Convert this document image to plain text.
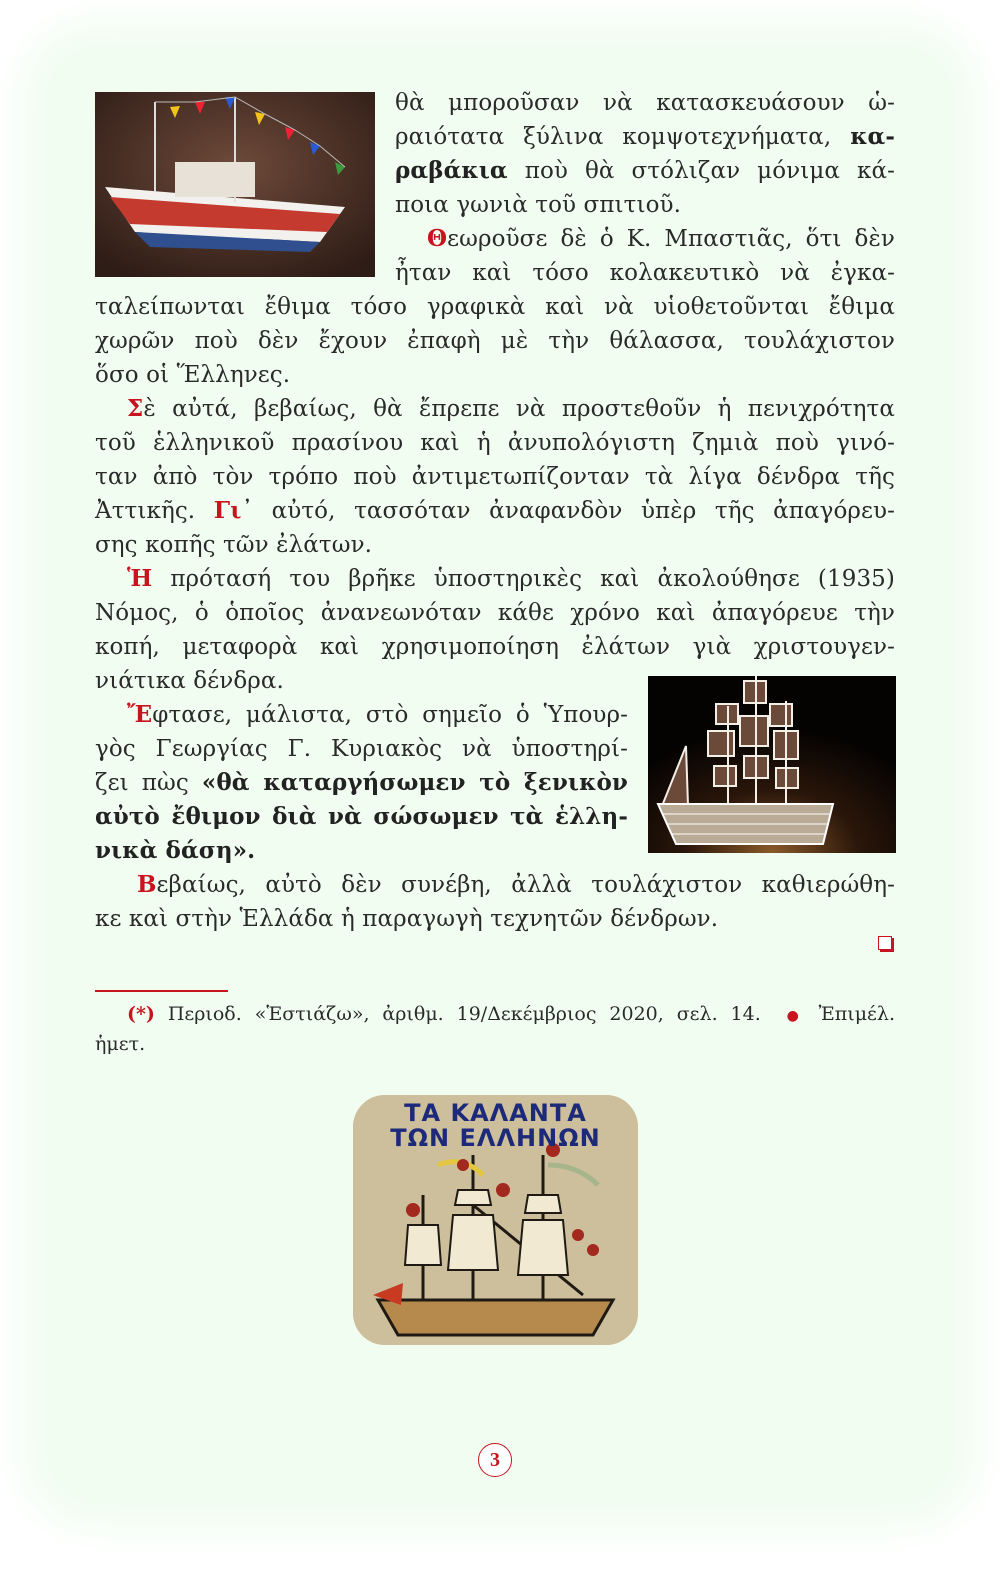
θὰ μποροῦσαν νὰ κατασκευάσουν ὡ-
ραιότατα ξύλινα κομψοτεχνήματα, κα-
ραβάκια ποὺ θὰ στόλιζαν μόνιμα κά-
ποια γωνιὰ τοῦ σπιτιοῦ.
Θεωροῦσε δὲ ὁ Κ. Μπαστιᾶς, ὅτι δὲν
ἦταν καὶ τόσο κολακευτικὸ νὰ ἐγκα-
ταλείπωνται ἔθιμα τόσο γραφικὰ καὶ νὰ υἱοθετοῦνται ἔθιμα
χωρῶν ποὺ δὲν ἔχουν ἐπαφὴ μὲ τὴν θάλασσα, τουλάχιστον
ὅσο οἱ Ἕλληνες.
Σὲ αὐτά, βεβαίως, θὰ ἔπρεπε νὰ προστεθοῦν ἡ πενιχρότητα
τοῦ ἑλληνικοῦ πρασίνου καὶ ἡ ἀνυπολόγιστη ζημιὰ ποὺ γινό-
ταν ἀπὸ τὸν τρόπο ποὺ ἀντιμετωπίζονταν τὰ λίγα δένδρα τῆς
Ἀττικῆς. Γι᾿ αὐτό, τασσόταν ἀναφανδὸν ὑπὲρ τῆς ἀπαγόρευ-
σης κοπῆς τῶν ἐλάτων.
Ἡ πρότασή του βρῆκε ὑποστηρικὲς καὶ ἀκολούθησε (1935)
Νόμος, ὁ ὁποῖος ἀνανεωνόταν κάθε χρόνο καὶ ἀπαγόρευε τὴν
κοπή, μεταφορὰ καὶ χρησιμοποίηση ἐλάτων γιὰ χριστουγεν-
νιάτικα δένδρα.
Ἔφτασε, μάλιστα, στὸ σημεῖο ὁ Ὑπουρ-
γὸς Γεωργίας Γ. Κυριακὸς νὰ ὑποστηρί-
ζει πὼς «θὰ καταργήσωμεν τὸ ξενικὸν
αὐτὸ ἔθιμον διὰ νὰ σώσωμεν τὰ ἑλλη-
νικὰ δάση».
Βεβαίως, αὐτὸ δὲν συνέβη, ἀλλὰ τουλάχιστον καθιερώθη-
κε καὶ στὴν Ἑλλάδα ἡ παραγωγὴ τεχνητῶν δένδρων.
(*) Περιοδ. «Ἑστιάζω», ἀριθμ. 19/Δεκέμβριος 2020, σελ. 14. ● Ἐπιμέλ.
ἡμετ.
ΤΑ ΚΑΛΑΝΤΑ
ΤΩΝ ΕΛΛΗΝΩΝ
3
